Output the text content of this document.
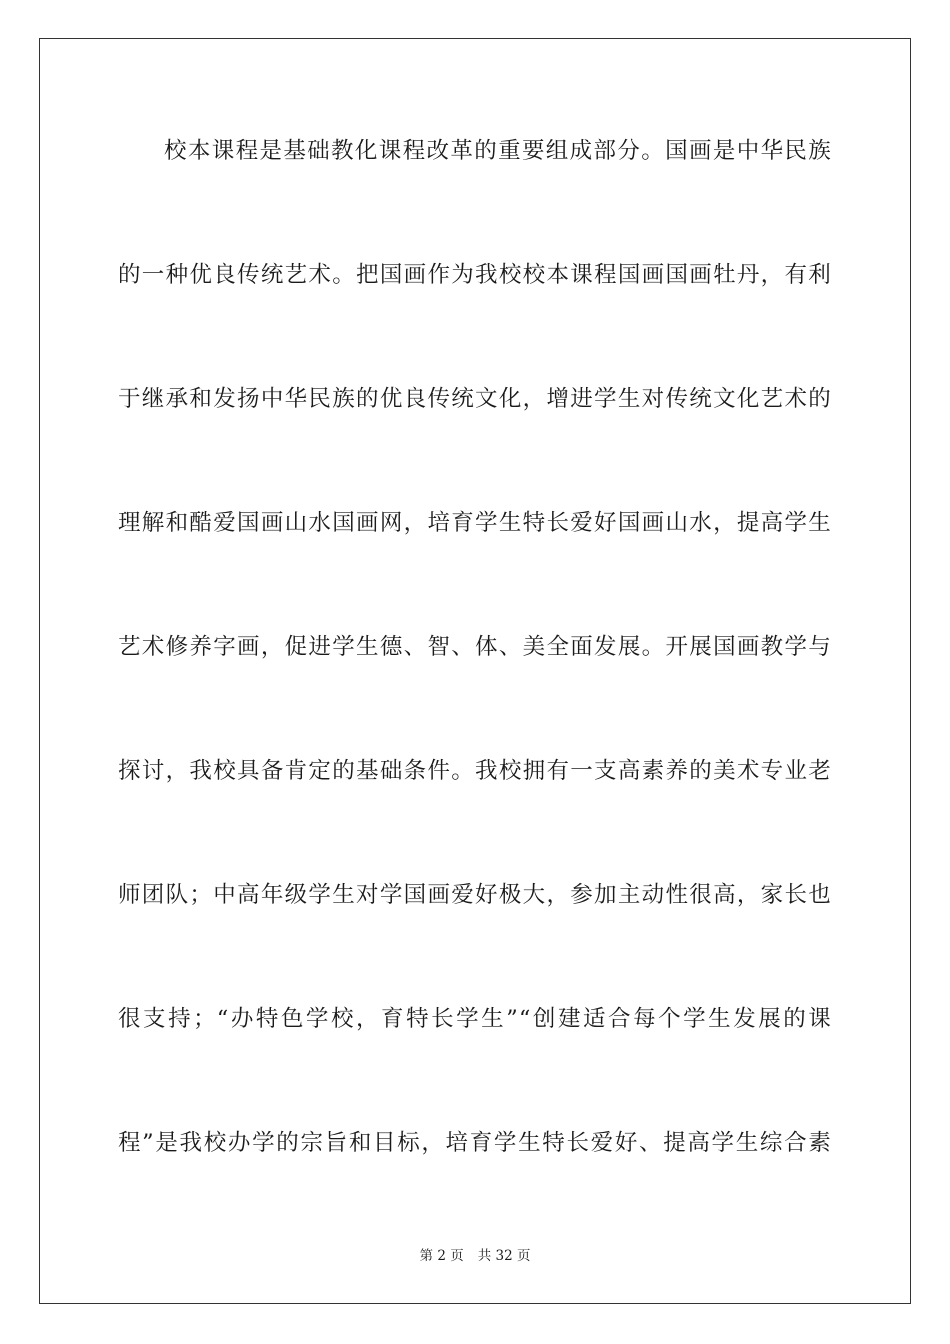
校本课程是基础教化课程改革的重要组成部分。国画是中华民族
的一种优良传统艺术。把国画作为我校校本课程国画国画牡丹，有利
于继承和发扬中华民族的优良传统文化，增进学生对传统文化艺术的
理解和酷爱国画山水国画网，培育学生特长爱好国画山水，提高学生
艺术修养字画，促进学生德、智、体、美全面发展。开展国画教学与
探讨，我校具备肯定的基础条件。我校拥有一支高素养的美术专业老
师团队；中高年级学生对学国画爱好极大，参加主动性很高，家长也
很支持；“办特色学校，育特长学生”“创建适合每个学生发展的课
程”是我校办学的宗旨和目标，培育学生特长爱好、提高学生综合素
第 2 页 共 32 页
